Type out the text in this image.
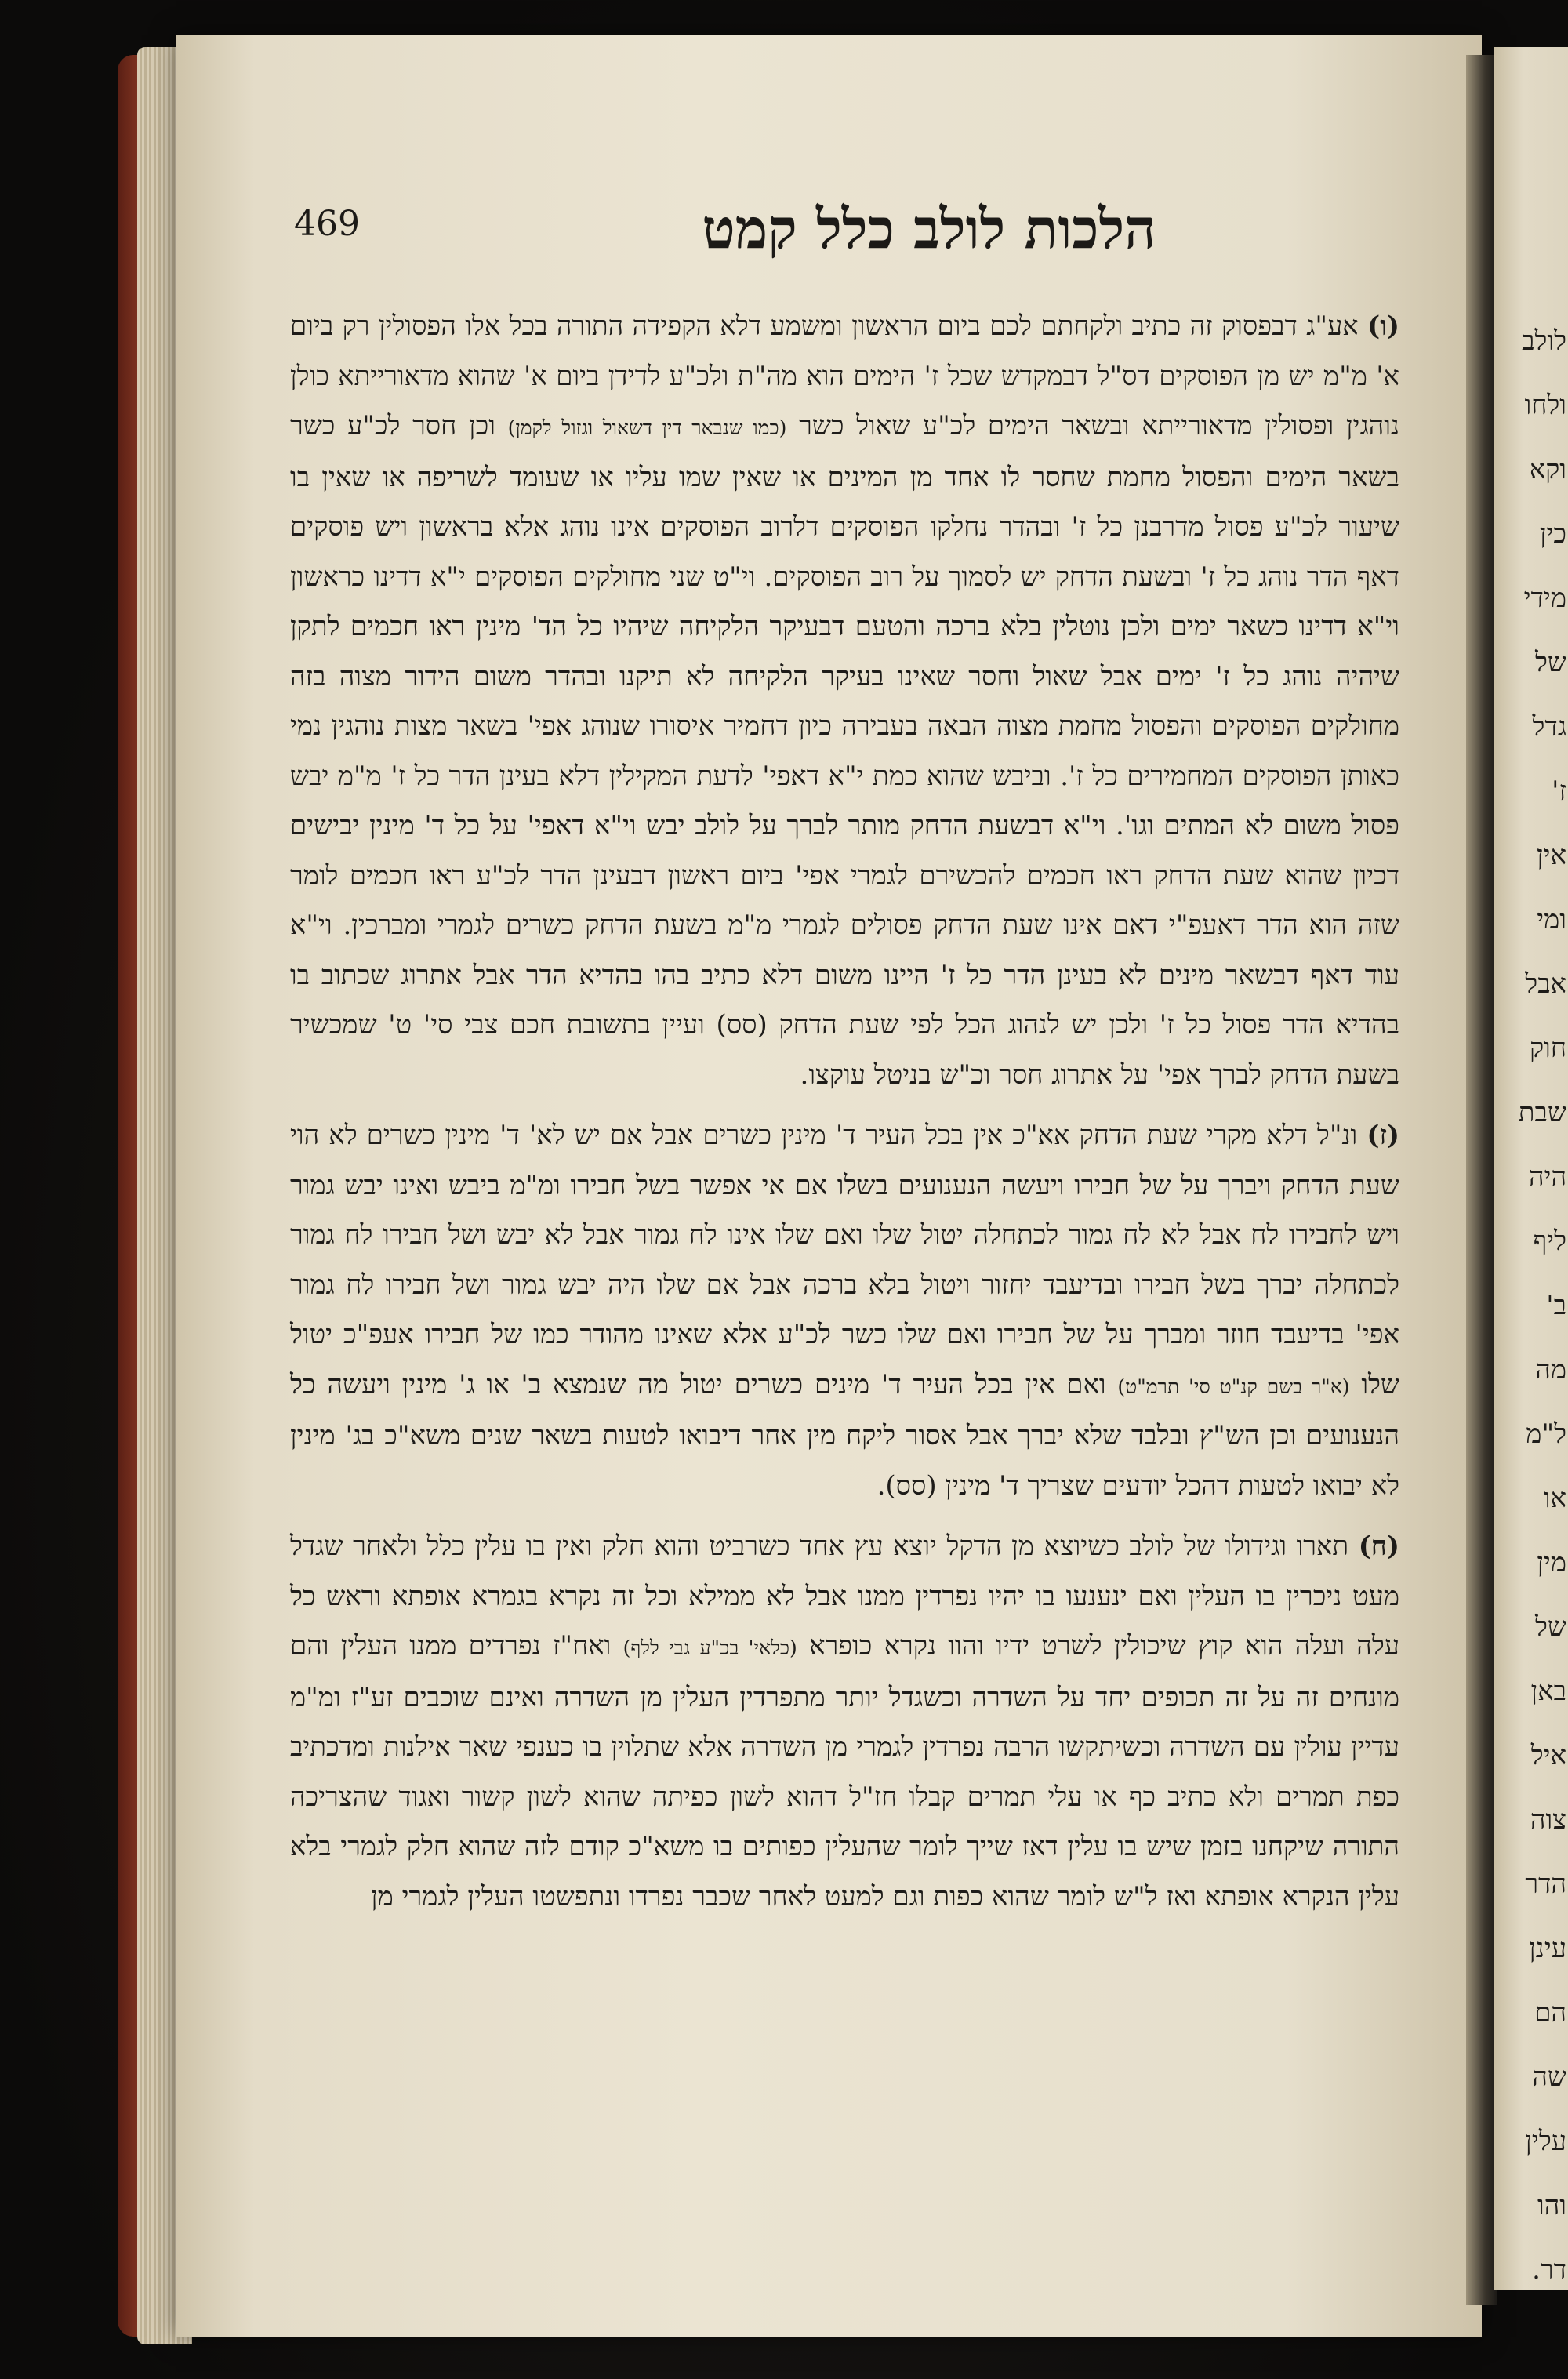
לולב
ולחו
וקא
כין
מידי
של
גדל
ז'
אין
ומי
אבל
חוק
שבת
היה
ליף
ב'
מה
ל"מ
או
מין
של
באן
איל
צוה
הדר
עינן
הם
שה
עלין
והו
דר.
469	הלכות לולב כלל קמט

(ו) אע"ג דבפסוק זה כתיב ולקחתם לכם ביום הראשון ומשמע דלא הקפידה התורה בכל אלו הפסולין רק ביום א' מ"מ יש מן הפוסקים דס"ל דבמקדש שכל ז' הימים הוא מה"ת ולכ"ע לדידן ביום א' שהוא מדאורייתא כולן נוהגין ופסולין מדאורייתא ובשאר הימים לכ"ע שאול כשר (כמו שנבאר דין דשאול וגזול לקמן) וכן חסר לכ"ע כשר בשאר הימים והפסול מחמת שחסר לו אחד מן המינים או שאין שמו עליו או שעומד לשריפה או שאין בו שיעור לכ"ע פסול מדרבנן כל ז' ובהדר נחלקו הפוסקים דלרוב הפוסקים אינו נוהג אלא בראשון ויש פוסקים דאף הדר נוהג כל ז' ובשעת הדחק יש לסמוך על רוב הפוסקים. וי"ט שני מחולקים הפוסקים י"א דדינו כראשון וי"א דדינו כשאר ימים ולכן נוטלין בלא ברכה והטעם דבעיקר הלקיחה שיהיו כל הד' מינין ראו חכמים לתקן שיהיה נוהג כל ז' ימים אבל שאול וחסר שאינו בעיקר הלקיחה לא תיקנו ובהדר משום הידור מצוה בזה מחולקים הפוסקים והפסול מחמת מצוה הבאה בעבירה כיון דחמיר איסורו שנוהג אפי' בשאר מצות נוהגין נמי כאותן הפוסקים המחמירים כל ז'. וביבש שהוא כמת י"א דאפי' לדעת המקילין דלא בעינן הדר כל ז' מ"מ יבש פסול משום לא המתים וגו'. וי"א דבשעת הדחק מותר לברך על לולב יבש וי"א דאפי' על כל ד' מינין יבישים דכיון שהוא שעת הדחק ראו חכמים להכשירם לגמרי אפי' ביום ראשון דבעינן הדר לכ"ע ראו חכמים לומר שזה הוא הדר דאעפ"י דאם אינו שעת הדחק פסולים לגמרי מ"מ בשעת הדחק כשרים לגמרי ומברכין. וי"א עוד דאף דבשאר מינים לא בעינן הדר כל ז' היינו משום דלא כתיב בהו בהדיא הדר אבל אתרוג שכתוב בו בהדיא הדר פסול כל ז' ולכן יש לנהוג הכל לפי שעת הדחק (סס) ועיין בתשובת חכם צבי סי' ט' שמכשיר בשעת הדחק לברך אפי' על אתרוג חסר וכ"ש בניטל עוקצו.

(ז) ונ"ל דלא מקרי שעת הדחק אא"כ אין בכל העיר ד' מינין כשרים אבל אם יש לא' ד' מינין כשרים לא הוי שעת הדחק ויברך על של חבירו ויעשה הנענועים בשלו אם אי אפשר בשל חבירו ומ"מ ביבש ואינו יבש גמור ויש לחבירו לח אבל לא לח גמור לכתחלה יטול שלו ואם שלו אינו לח גמור אבל לא יבש ושל חבירו לח גמור לכתחלה יברך בשל חבירו ובדיעבד יחזור ויטול בלא ברכה אבל אם שלו היה יבש גמור ושל חבירו לח גמור אפי' בדיעבד חוזר ומברך על של חבירו ואם שלו כשר לכ"ע אלא שאינו מהודר כמו של חבירו אעפ"כ יטול שלו (א"ר בשם קנ"ט סי' תרמ"ט) ואם אין בכל העיר ד' מינים כשרים יטול מה שנמצא ב' או ג' מינין ויעשה כל הנענועים וכן הש"ץ ובלבד שלא יברך אבל אסור ליקח מין אחר דיבואו לטעות בשאר שנים משא"כ בג' מינין לא יבואו לטעות דהכל יודעים שצריך ד' מינין (סס).

(ח) תארו וגידולו של לולב כשיוצא מן הדקל יוצא עץ אחד כשרביט והוא חלק ואין בו עלין כלל ולאחר שגדל מעט ניכרין בו העלין ואם ינענעו בו יהיו נפרדין ממנו אבל לא ממילא וכל זה נקרא בגמרא אופתא וראש כל עלה ועלה הוא קוץ שיכולין לשרט ידיו והוו נקרא כופרא (כלאי' בכ"ע גבי ללף) ואח"ז נפרדים ממנו העלין והם מונחים זה על זה תכופים יחד על השדרה וכשגדל יותר מתפרדין העלין מן השדרה ואינם שוכבים זע"ז ומ"מ עדיין עולין עם השדרה וכשיתקשו הרבה נפרדין לגמרי מן השדרה אלא שתלוין בו כענפי שאר אילנות ומדכתיב כפת תמרים ולא כתיב כף או עלי תמרים קבלו חז"ל דהוא לשון כפיתה שהוא לשון קשור ואגוד שהצריכה התורה שיקחנו בזמן שיש בו עלין דאז שייך לומר שהעלין כפותים בו משא"כ קודם לזה שהוא חלק לגמרי בלא עלין הנקרא אופתא ואז ל"ש לומר שהוא כפות וגם למעט לאחר שכבר נפרדו ונתפשטו העלין לגמרי מן
